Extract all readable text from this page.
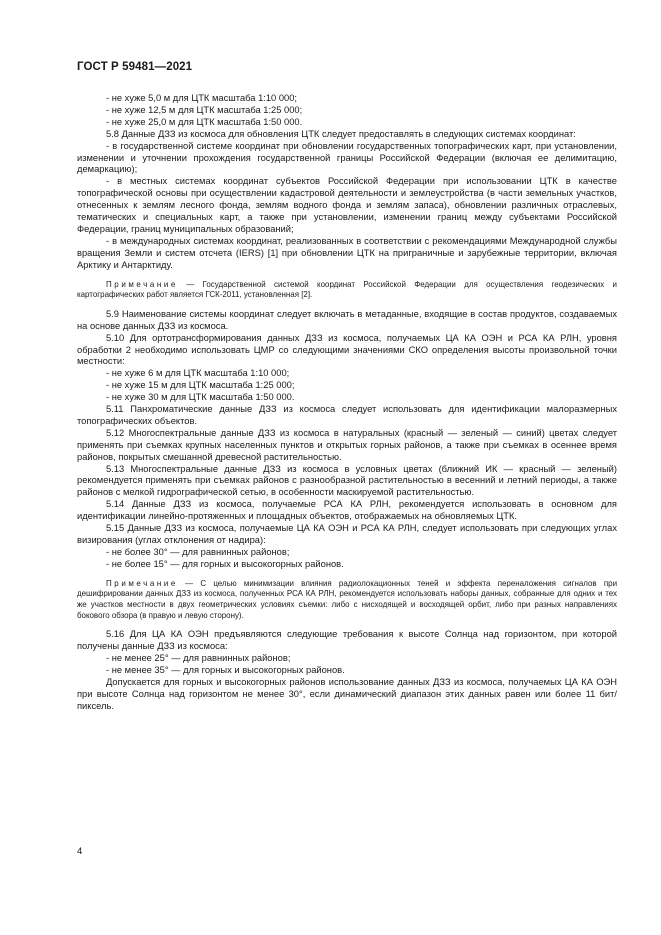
ГОСТ Р 59481—2021

- не хуже 5,0 м для ЦТК масштаба 1:10 000;

- не хуже 12,5 м для ЦТК масштаба 1:25 000;

- не хуже 25,0 м для ЦТК масштаба 1:50 000.

5.8 Данные ДЗЗ из космоса для обновления ЦТК следует предоставлять в следующих системах координат:

- в государственной системе координат при обновлении государственных топографических карт, при установлении, изменении и уточнении прохождения государственной границы Российской Федерации (включая ее делимитацию, демаркацию);

- в местных системах координат субъектов Российской Федерации при использовании ЦТК в качестве топографической основы при осуществлении кадастровой деятельности и землеустройства (в части земельных участков, отнесенных к землям лесного фонда, землям водного фонда и землям запаса), обновлении различных отраслевых, тематических и специальных карт, а также при установлении, изменении границ между субъектами Российской Федерации, границ муниципальных образований;

- в международных системах координат, реализованных в соответствии с рекомендациями Международной службы вращения Земли и систем отсчета (IERS) [1] при обновлении ЦТК на приграничные и зарубежные территории, включая Арктику и Антарктиду.

Примечание — Государственной системой координат Российской Федерации для осуществления геодезических и картографических работ является ГСК-2011, установленная [2].

5.9 Наименование системы координат следует включать в метаданные, входящие в состав продуктов, создаваемых на основе данных ДЗЗ из космоса.

5.10 Для ортотрансформирования данных ДЗЗ из космоса, получаемых ЦА КА ОЭН и РСА КА РЛН, уровня обработки 2 необходимо использовать ЦМР со следующими значениями СКО определения высоты произвольной точки местности:

- не хуже 6 м для ЦТК масштаба 1:10 000;

- не хуже 15 м для ЦТК масштаба 1:25 000;

- не хуже 30 м для ЦТК масштаба 1:50 000.

5.11 Панхроматические данные ДЗЗ из космоса следует использовать для идентификации малоразмерных топографических объектов.

5.12 Многоспектральные данные ДЗЗ из космоса в натуральных (красный — зеленый — синий) цветах следует применять при съемках крупных населенных пунктов и открытых горных районов, а также при съемках в осеннее время районов, покрытых смешанной древесной растительностью.

5.13 Многоспектральные данные ДЗЗ из космоса в условных цветах (ближний ИК — красный — зеленый) рекомендуется применять при съемках районов с разнообразной растительностью в весенний и летний периоды, а также районов с мелкой гидрографической сетью, в особенности маскируемой растительностью.

5.14 Данные ДЗЗ из космоса, получаемые РСА КА РЛН, рекомендуется использовать в основном для идентификации линейно-протяженных и площадных объектов, отображаемых на обновляемых ЦТК.

5.15 Данные ДЗЗ из космоса, получаемые ЦА КА ОЭН и РСА КА РЛН, следует использовать при следующих углах визирования (углах отклонения от надира):

- не более 30° — для равнинных районов;

- не более 15° — для горных и высокогорных районов.

Примечание — С целью минимизации влияния радиолокационных теней и эффекта переналожения сигналов при дешифрировании данных ДЗЗ из космоса, полученных РСА КА РЛН, рекомендуется использовать наборы данных, собранные для одних и тех же участков местности в двух геометрических условиях съемки: либо с нисходящей и восходящей орбит, либо при разных направлениях бокового обзора (в правую и левую сторону).

5.16 Для ЦА КА ОЭН предъявляются следующие требования к высоте Солнца над горизонтом, при которой получены данные ДЗЗ из космоса:

- не менее 25° — для равнинных районов;

- не менее 35° — для горных и высокогорных районов.

Допускается для горных и высокогорных районов использование данных ДЗЗ из космоса, получаемых ЦА КА ОЭН при высоте Солнца над горизонтом не менее 30°, если динамический диапазон этих данных равен или более 11 бит/пиксель.

4
